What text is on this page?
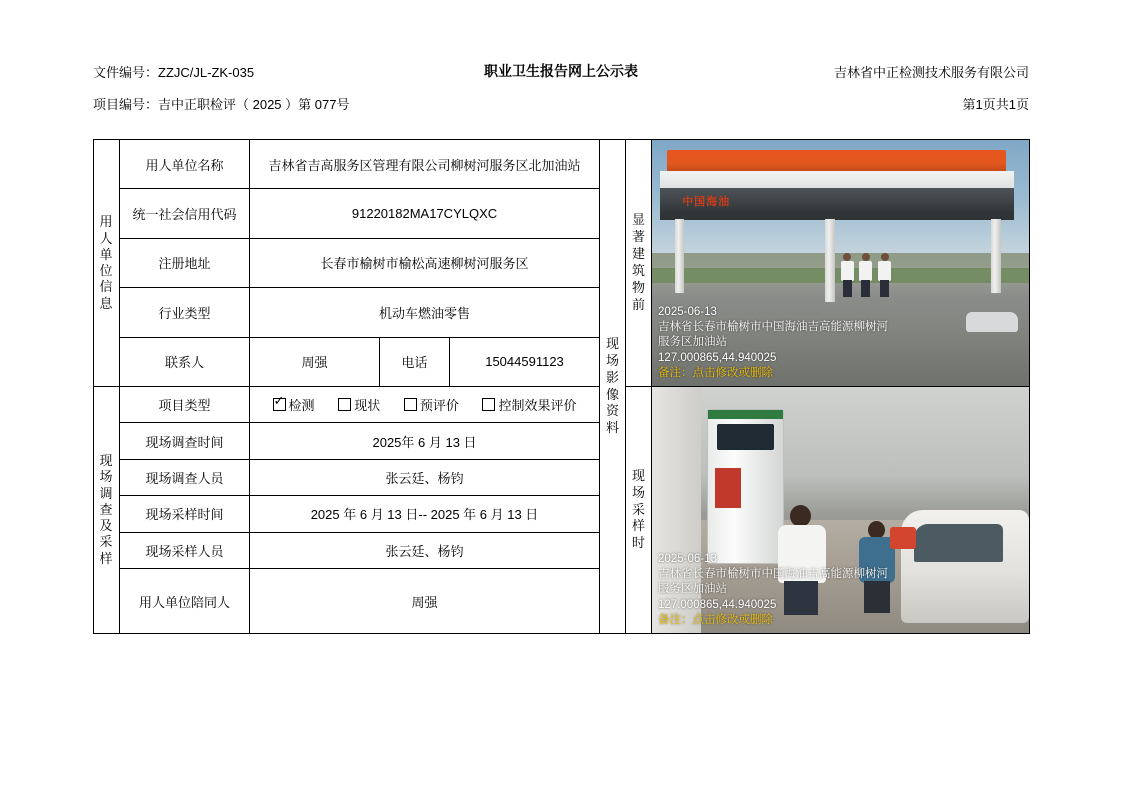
文件编号：ZZJC/JL-ZK-035	职业卫生报告网上公示表	吉林省中正检测技术服务有限公司
项目编号：吉中正职检评（ 2025 ）第 077号	第1页共1页
用人单位信息	用人单位名称	吉林省吉高服务区管理有限公司柳树河服务区北加油站	现场影像资料	显著建筑物前	
中国海油
2025-06-13
吉林省长春市榆树市中国海油吉高能源柳树河
服务区加油站
127.000865,44.940025
备注：点击修改或删除

	统一社会信用代码	91220182MA17CYLQXC					
	注册地址	长春市榆树市榆松高速柳树河服务区					
	行业类型	机动车燃油零售					
	联系人	周强	电话	15044591123			
现场调查及采样	项目类型	✓检测 现状 预评价 控制效果评价				现场采样时	2025-06-13
吉林省长春市榆树市中国海油吉高能源柳树河
服务区加油站
127.000865,44.940025
备注：点击修改或删除

	现场调查时间	2025年 6 月 13 日					
	现场调查人员	张云廷、杨钧					
	现场采样时间	2025 年 6 月 13 日-- 2025 年 6 月 13 日					
	现场采样人员	张云廷、杨钧					
	用人单位陪同人	周强					
